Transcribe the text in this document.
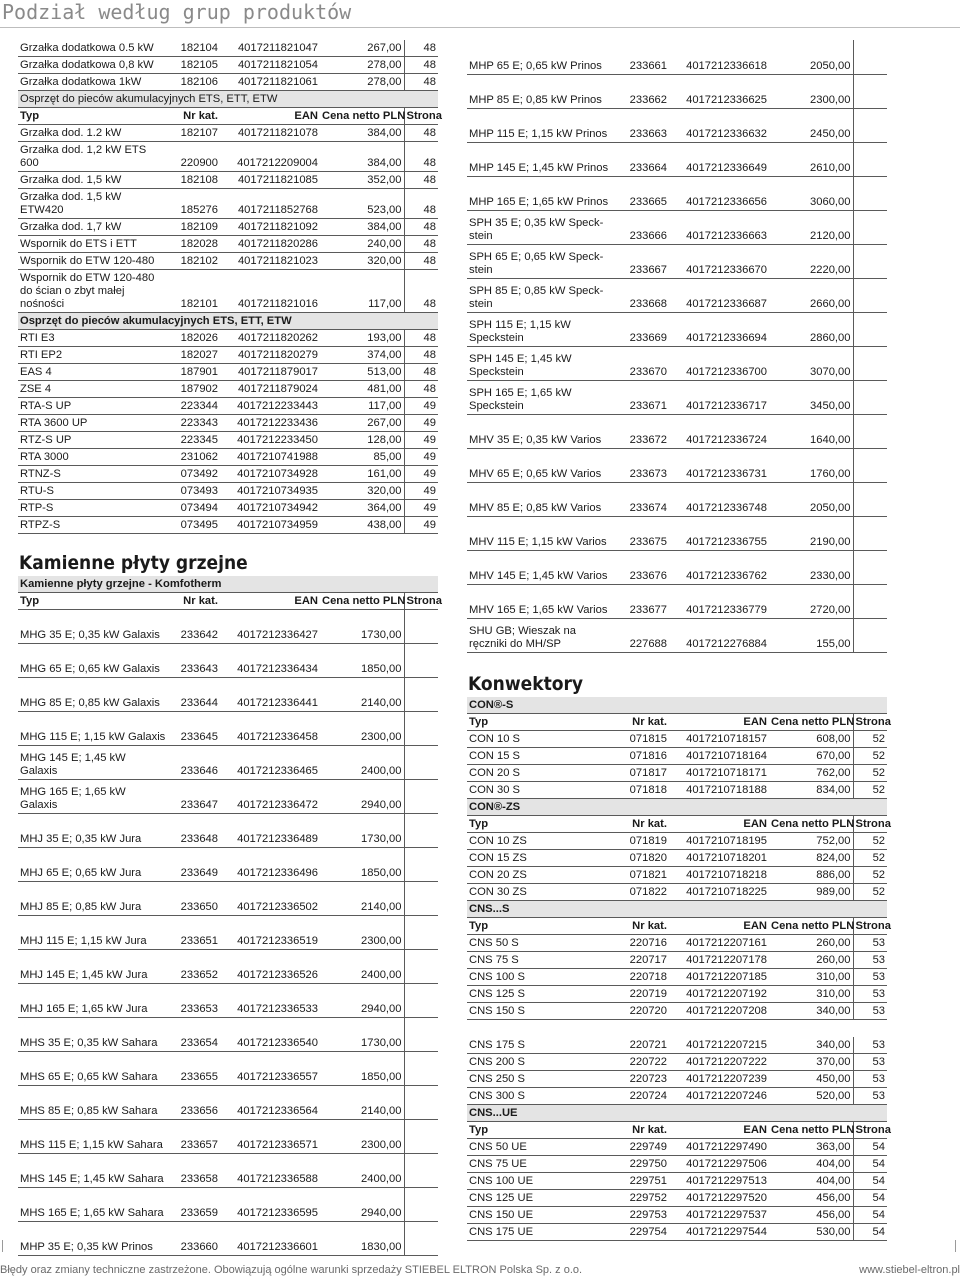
Podział według grup produktów
Grzałka dodatkowa 0.5 kW	182104	4017211821047	267,00	48
Grzałka dodatkowa 0,8 kW	182105	4017211821054	278,00	48
Grzałka dodatkowa 1kW	182106	4017211821061	278,00	48
Osprzęt do pieców akumulacyjnych ETS, ETT, ETW				
Typ	Nr kat.	EAN	Cena netto PLN	Strona
Grzałka dod. 1.2 kW	182107	4017211821078	384,00	48
Grzałka dod. 1,2 kW ETS 600	220900	4017212209004	384,00	48
Grzałka dod. 1,5 kW	182108	4017211821085	352,00	48
Grzałka dod. 1,5 kW ETW420	185276	4017211852768	523,00	48
Grzałka dod. 1,7 kW	182109	4017211821092	384,00	48
Wspornik do ETS i ETT	182028	4017211820286	240,00	48
Wspornik do ETW 120-480	182102	4017211821023	320,00	48
Wspornik do ETW 120-480 do ścian o zbyt małej nośności	182101	4017211821016	117,00	48
Osprzęt do pieców akumulacyjnych ETS, ETT, ETW				
RTI E3	182026	4017211820262	193,00	48
RTI EP2	182027	4017211820279	374,00	48
EAS 4	187901	4017211879017	513,00	48
ZSE 4	187902	4017211879024	481,00	48
RTA-S UP	223344	4017212233443	117,00	49
RTA 3600 UP	223343	4017212233436	267,00	49
RTZ-S UP	223345	4017212233450	128,00	49
RTA 3000	231062	4017210741988	85,00	49
RTNZ-S	073492	4017210734928	161,00	49
RTU-S	073493	4017210734935	320,00	49
RTP-S	073494	4017210734942	364,00	49
RTPZ-S	073495	4017210734959	438,00	49
Kamienne płyty grzejne
Kamienne płyty grzejne - Komfotherm				
Typ	Nr kat.	EAN	Cena netto PLN	Strona
MHG 35 E; 0,35 kW Galaxis	233642	4017212336427	1730,00	
MHG 65 E; 0,65 kW Galaxis	233643	4017212336434	1850,00	
MHG 85 E; 0,85 kW Galaxis	233644	4017212336441	2140,00	
MHG 115 E; 1,15 kW Galaxis	233645	4017212336458	2300,00	
MHG 145 E; 1,45 kW Galaxis	233646	4017212336465	2400,00	
MHG 165 E; 1,65 kW Galaxis	233647	4017212336472	2940,00	
MHJ 35 E; 0,35 kW Jura	233648	4017212336489	1730,00	
MHJ 65 E; 0,65 kW Jura	233649	4017212336496	1850,00	
MHJ 85 E; 0,85 kW Jura	233650	4017212336502	2140,00	
MHJ 115 E; 1,15 kW Jura	233651	4017212336519	2300,00	
MHJ 145 E; 1,45 kW Jura	233652	4017212336526	2400,00	
MHJ 165 E; 1,65 kW Jura	233653	4017212336533	2940,00	
MHS 35 E; 0,35 kW Sahara	233654	4017212336540	1730,00	
MHS 65 E; 0,65 kW Sahara	233655	4017212336557	1850,00	
MHS 85 E; 0,85 kW Sahara	233656	4017212336564	2140,00	
MHS 115 E; 1,15 kW Sahara	233657	4017212336571	2300,00	
MHS 145 E; 1,45 kW Sahara	233658	4017212336588	2400,00	
MHS 165 E; 1,65 kW Sahara	233659	4017212336595	2940,00	
MHP 35 E; 0,35 kW Prinos	233660	4017212336601	1830,00	
MHP 65 E; 0,65 kW Prinos	233661	4017212336618	2050,00	
MHP 85 E; 0,85 kW Prinos	233662	4017212336625	2300,00	
MHP 115 E; 1,15 kW Prinos	233663	4017212336632	2450,00	
MHP 145 E; 1,45 kW Prinos	233664	4017212336649	2610,00	
MHP 165 E; 1,65 kW Prinos	233665	4017212336656	3060,00	
SPH 35 E; 0,35 kW Speck-stein	233666	4017212336663	2120,00	
SPH 65 E; 0,65 kW Speck-stein	233667	4017212336670	2220,00	
SPH 85 E; 0,85 kW Speck-stein	233668	4017212336687	2660,00	
SPH 115 E; 1,15 kW Speckstein	233669	4017212336694	2860,00	
SPH 145 E; 1,45 kW Speckstein	233670	4017212336700	3070,00	
SPH 165 E; 1,65 kW Speckstein	233671	4017212336717	3450,00	
MHV 35 E; 0,35 kW Varios	233672	4017212336724	1640,00	
MHV 65 E; 0,65 kW Varios	233673	4017212336731	1760,00	
MHV 85 E; 0,85 kW Varios	233674	4017212336748	2050,00	
MHV 115 E; 1,15 kW Varios	233675	4017212336755	2190,00	
MHV 145 E; 1,45 kW Varios	233676	4017212336762	2330,00	
MHV 165 E; 1,65 kW Varios	233677	4017212336779	2720,00	
SHU GB; Wieszak na ręczniki do MH/SP	227688	4017212276884	155,00	
Konwektory
CON®-S				
Typ	Nr kat.	EAN	Cena netto PLN	Strona
CON 10 S	071815	4017210718157	608,00	52
CON 15 S	071816	4017210718164	670,00	52
CON 20 S	071817	4017210718171	762,00	52
CON 30 S	071818	4017210718188	834,00	52
CON®-ZS				
Typ	Nr kat.	EAN	Cena netto PLN	Strona
CON 10 ZS	071819	4017210718195	752,00	52
CON 15 ZS	071820	4017210718201	824,00	52
CON 20 ZS	071821	4017210718218	886,00	52
CON 30 ZS	071822	4017210718225	989,00	52
CNS...S				
Typ	Nr kat.	EAN	Cena netto PLN	Strona
CNS 50 S	220716	4017212207161	260,00	53
CNS 75 S	220717	4017212207178	260,00	53
CNS 100 S	220718	4017212207185	310,00	53
CNS 125 S	220719	4017212207192	310,00	53
CNS 150 S	220720	4017212207208	340,00	53
CNS 175 S	220721	4017212207215	340,00	53
CNS 200 S	220722	4017212207222	370,00	53
CNS 250 S	220723	4017212207239	450,00	53
CNS 300 S	220724	4017212207246	520,00	53
CNS...UE				
Typ	Nr kat.	EAN	Cena netto PLN	Strona
CNS 50 UE	229749	4017212297490	363,00	54
CNS 75 UE	229750	4017212297506	404,00	54
CNS 100 UE	229751	4017212297513	404,00	54
CNS 125 UE	229752	4017212297520	456,00	54
CNS 150 UE	229753	4017212297537	456,00	54
CNS 175 UE	229754	4017212297544	530,00	54
Błędy oraz zmiany techniczne zastrzeżone. Obowiązują ogólne warunki sprzedaży STIEBEL ELTRON Polska Sp. z o.o.	www.stiebel-eltron.pl
